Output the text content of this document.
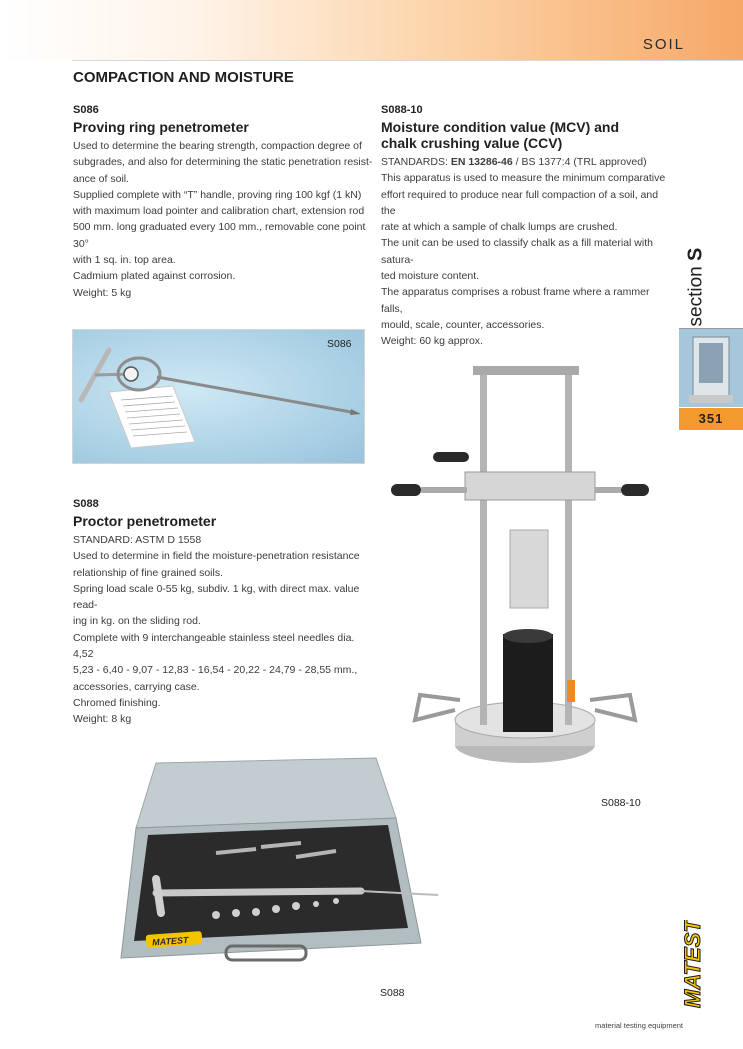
SOIL
COMPACTION AND MOISTURE
S086
Proving ring penetrometer

Used to determine the bearing strength, compaction degree of

subgrades, and also for determining the static penetration resist-

ance of soil.

Supplied complete with “T” handle, proving ring 100 kgf (1 kN)

with maximum load pointer and calibration chart, extension rod

500 mm. long graduated every 100 mm., removable cone point 30°

with 1 sq. in. top area.

Cadmium plated against corrosion.

Weight: 5 kg

S088-10
Moisture condition value (MCV) and
chalk crushing value (CCV)

STANDARDS: EN 13286-46 / BS 1377:4 (TRL approved)

This apparatus is used to measure the minimum comparative

effort required to produce near full compaction of a soil, and the

rate at which a sample of chalk lumps are crushed.

The unit can be used to classify chalk as a fill material with satura-

ted moisture content.

The apparatus comprises a robust frame where a rammer falls,

mould, scale, counter, accessories.

Weight: 60 kg approx.

S086
S088
Proctor penetrometer

STANDARD: ASTM D 1558

Used to determine in field the moisture-penetration resistance

relationship of fine grained soils.

Spring load scale 0-55 kg, subdiv. 1 kg, with direct max. value read-

ing in kg. on the sliding rod.

Complete with 9 interchangeable stainless steel needles dia. 4,52

5,23 - 6,40 - 9,07 - 12,83 - 16,54 - 20,22 - 24,79 - 28,55 mm.,

accessories, carrying case.

Chromed finishing.

Weight: 8 kg

S088-10
MATEST
S088
section S
351
MATEST
material testing equipment
